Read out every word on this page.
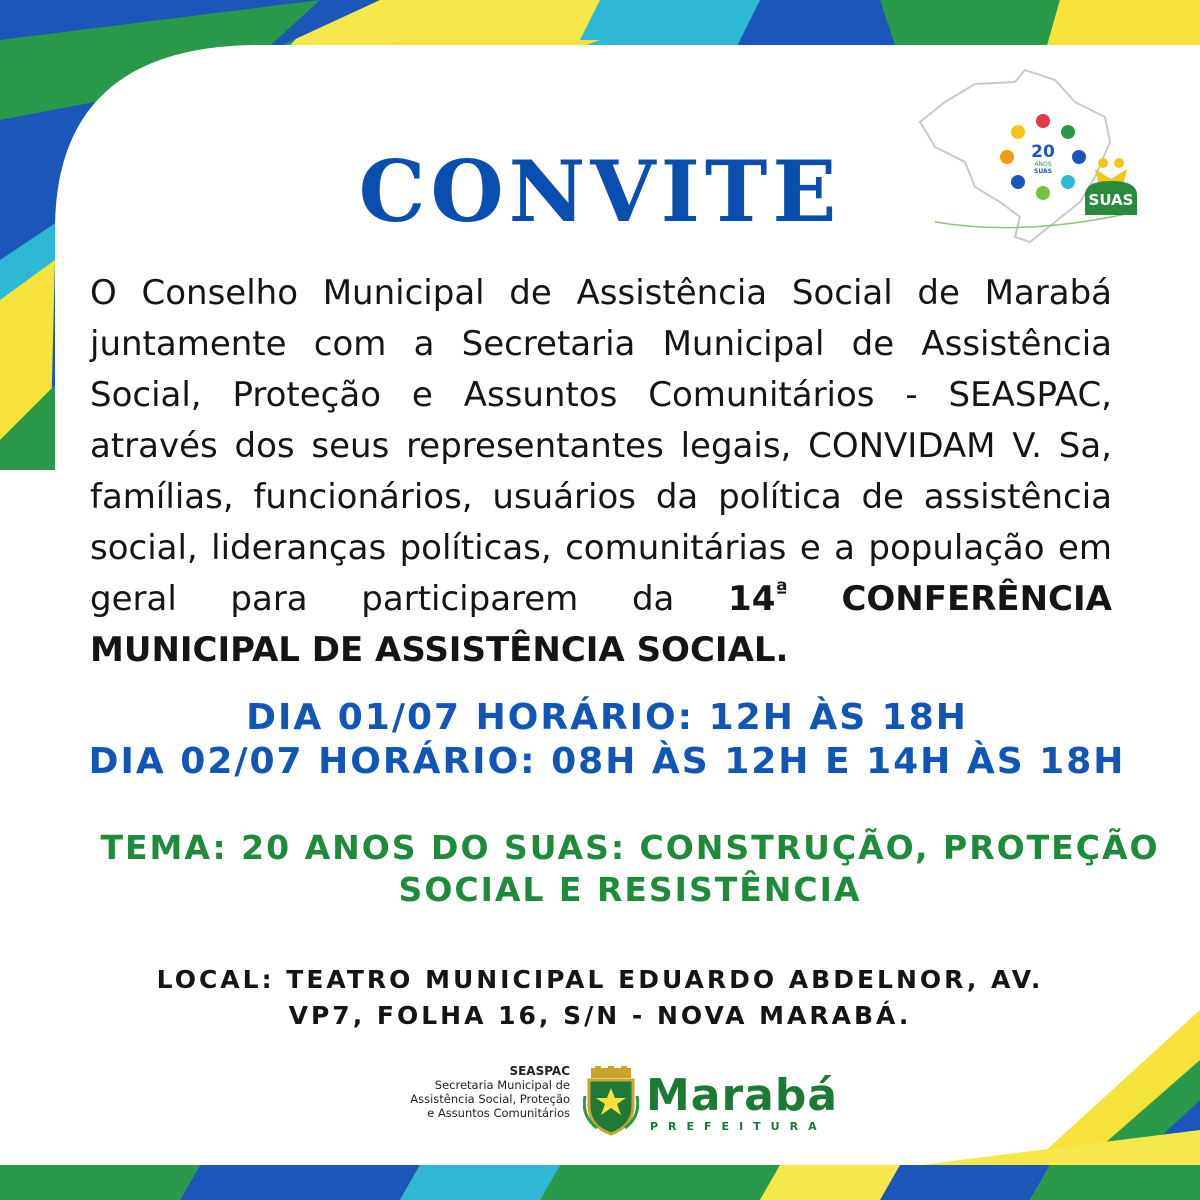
20
ANOS
SUAS
SUAS
CONVITE
O Conselho Municipal de Assistência Social de Marabá juntamente com a Secretaria Municipal de Assistência Social, Proteção e Assuntos Comunitários - SEASPAC, através dos seus representantes legais, CONVIDAM V. Sa, famílias, funcionários, usuários da política de assistência social, lideranças políticas, comunitárias e a população em geral para participarem da $14^ª$ CONFERÊNCIA MUNICIPAL DE ASSISTÊNCIA SOCIAL.
DIA 01/07 HORÁRIO: 12H ÀS 18H
DIA 02/07 HORÁRIO: 08H ÀS 12H E 14H ÀS 18H
TEMA: 20 ANOS DO SUAS: CONSTRUÇÃO, PROTEÇÃO
SOCIAL E RESISTÊNCIA
LOCAL: TEATRO MUNICIPAL EDUARDO ABDELNOR, AV.
VP7, FOLHA 16, S/N - NOVA MARABÁ.
SEASPAC
Secretaria Municipal de
Assistência Social, Proteção
e Assuntos Comunitários Marabá
PREFEITURA
